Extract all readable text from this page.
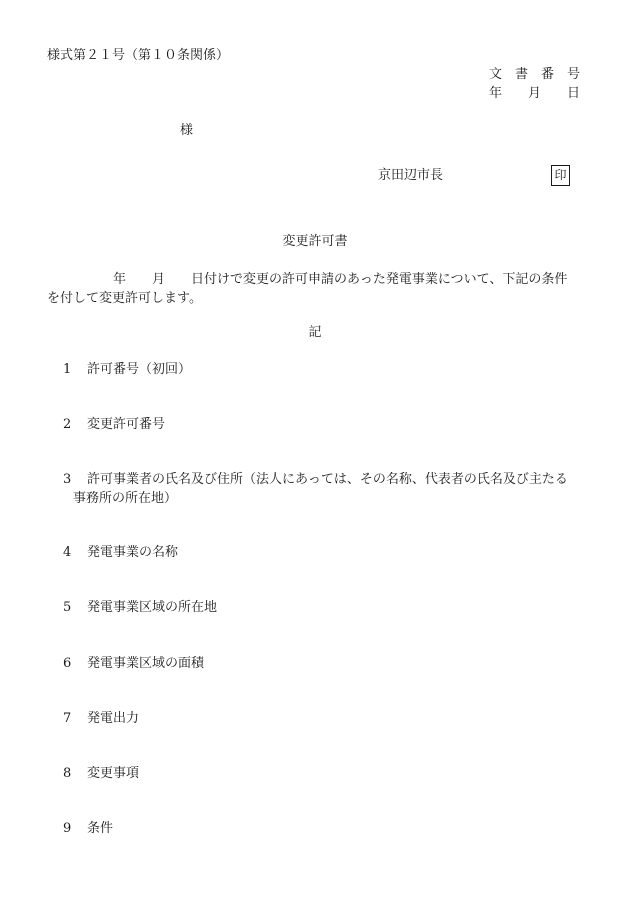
様式第２１号（第１０条関係）
文　書　番　号
年　　月　　日
様
京田辺市長	印
変更許可書
年　　月　　日付けで変更の許可申請のあった発電事業について、下記の条件
を付して変更許可します。
記
1 許可番号（初回）
2 変更許可番号
3 許可事業者の氏名及び住所（法人にあっては、その名称、代表者の氏名及び主たる
事務所の所在地）
4 発電事業の名称
5 発電事業区域の所在地
6 発電事業区域の面積
7 発電出力
8 変更事項
9 条件
